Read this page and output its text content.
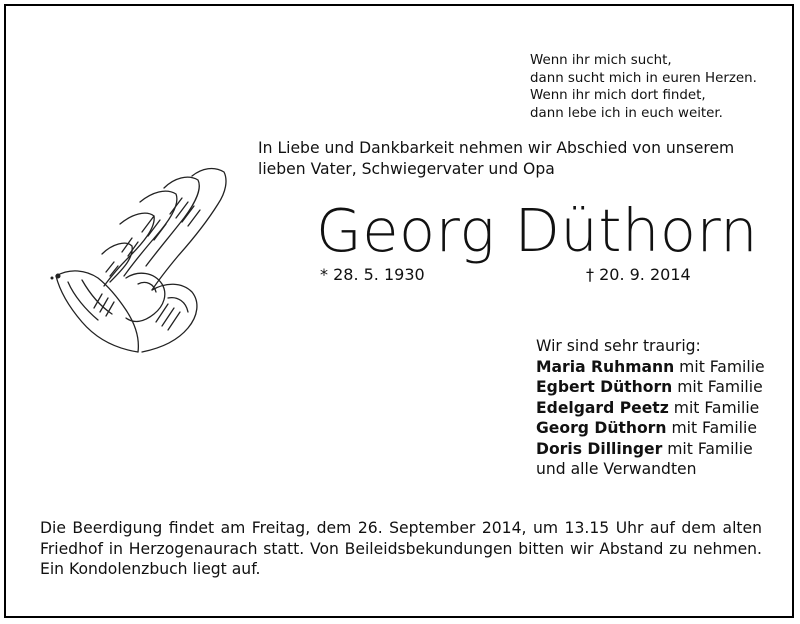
Wenn ihr mich sucht,
dann sucht mich in euren Herzen.
Wenn ihr mich dort findet,
dann lebe ich in euch weiter.
In Liebe und Dankbarkeit nehmen wir Abschied von unserem
lieben Vater, Schwiegervater und Opa
Georg Düthorn
* 28. 5. 1930	† 20. 9. 2014
Wir sind sehr traurig:
Maria Ruhmann mit Familie
Egbert Düthorn mit Familie
Edelgard Peetz mit Familie
Georg Düthorn mit Familie
Doris Dillinger mit Familie
und alle Verwandten
Die Beerdigung findet am Freitag, dem 26. September 2014, um 13.15 Uhr auf dem alten Friedhof in Herzogenaurach statt. Von Beileidsbekundungen bitten wir Abstand zu nehmen. Ein Kondolenzbuch liegt auf.
